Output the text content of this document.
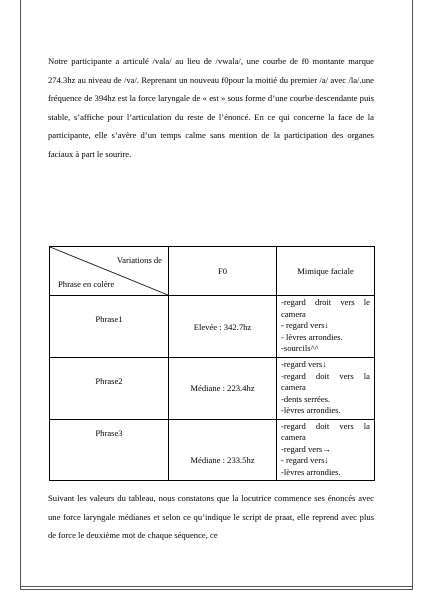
Notre participante a articulé /vala/ au lieu de /vwala/, une courbe de f0 montante marque 274.3hz au niveau de /va/. Reprenant un nouveau f0pour la moitié du premier /a/ avec /la/.une fréquence de 394hz est la force laryngale de « est » sous forme d’une courbe descendante puis stable, s’affiche pour l’articulation du reste de l’énoncé. En ce qui concerne la face de la participante, elle s’avère d’un temps calme sans mention de la participation des organes faciaux à part le sourire.

Variations de
Phrase en colère	F0	Mimique faciale

Phrase1	Elevée : 342.7hz	-regard droit vers le camera
- regard vers↓
- lèvres arrondies.
-sourcils^^

Phrase2	Médiane : 223.4hz	-regard vers↓
-regard doit vers la camera
-dents serrées.
-lèvres arrondies.

Phrase3	Médiane : 233.5hz	-regard doit vers la camera
-regard vers→
- regard vers↓
-lèvres arrondies.

Suivant les valeurs du tableau, nous constatons que la locutrice commence ses énoncés avec une force laryngale médianes et selon ce qu’indique le script de praat, elle reprend avec plus de force le deuxième mot de chaque séquence, ce
